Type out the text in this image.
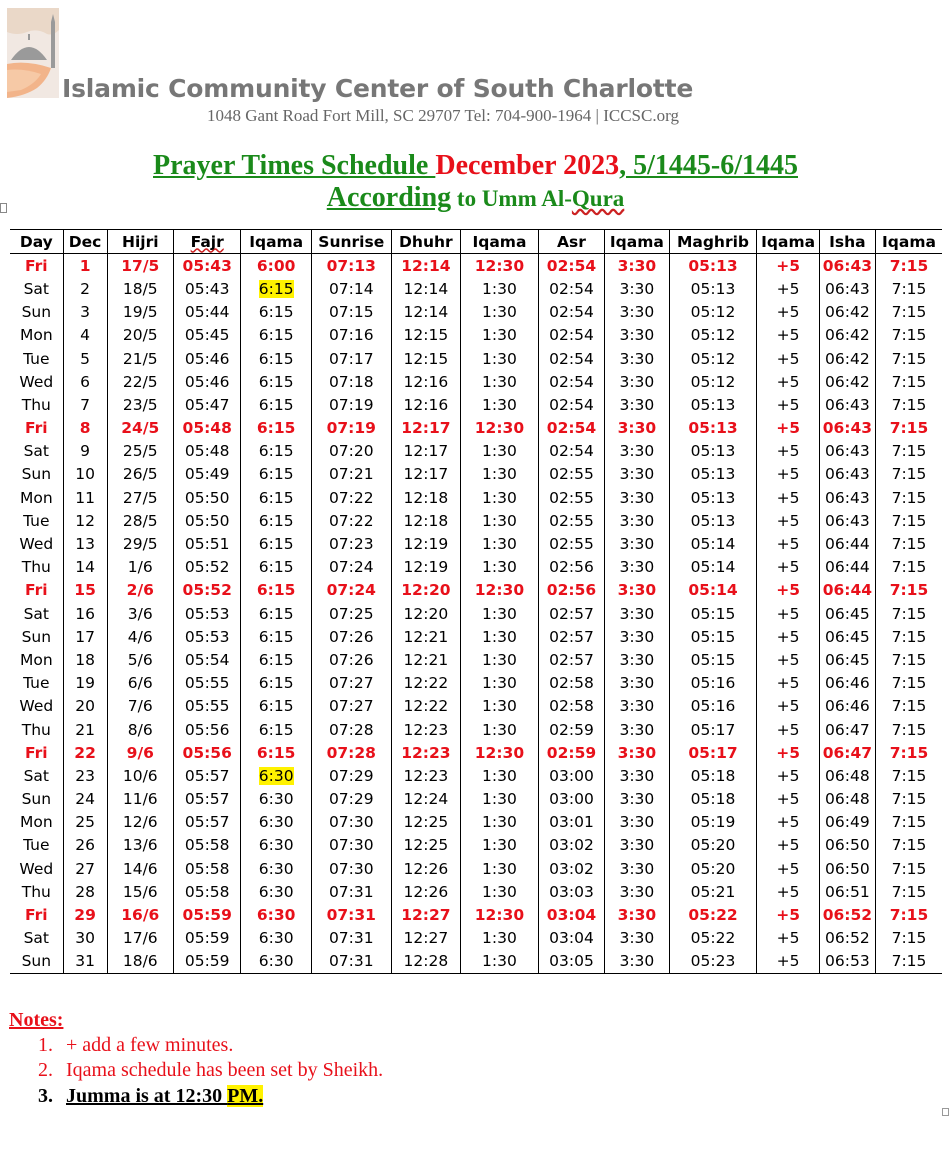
Islamic Community Center of South Charlotte
1048 Gant Road Fort Mill, SC 29707 Tel: 704-900-1964 | ICCSC.org
Prayer Times Schedule December 2023, 5/1445-6/1445
According to Umm Al-Qura
Day	Dec	Hijri	Fajr	Iqama	Sunrise	Dhuhr	Iqama	Asr	Iqama	Maghrib	Iqama	Isha	Iqama
Fri	1	17/5	05:43	6:00	07:13	12:14	12:30	02:54	3:30	05:13	+5	06:43	7:15
Sat	2	18/5	05:43	6:15	07:14	12:14	1:30	02:54	3:30	05:13	+5	06:43	7:15
Sun	3	19/5	05:44	6:15	07:15	12:14	1:30	02:54	3:30	05:12	+5	06:42	7:15
Mon	4	20/5	05:45	6:15	07:16	12:15	1:30	02:54	3:30	05:12	+5	06:42	7:15
Tue	5	21/5	05:46	6:15	07:17	12:15	1:30	02:54	3:30	05:12	+5	06:42	7:15
Wed	6	22/5	05:46	6:15	07:18	12:16	1:30	02:54	3:30	05:12	+5	06:42	7:15
Thu	7	23/5	05:47	6:15	07:19	12:16	1:30	02:54	3:30	05:13	+5	06:43	7:15
Fri	8	24/5	05:48	6:15	07:19	12:17	12:30	02:54	3:30	05:13	+5	06:43	7:15
Sat	9	25/5	05:48	6:15	07:20	12:17	1:30	02:54	3:30	05:13	+5	06:43	7:15
Sun	10	26/5	05:49	6:15	07:21	12:17	1:30	02:55	3:30	05:13	+5	06:43	7:15
Mon	11	27/5	05:50	6:15	07:22	12:18	1:30	02:55	3:30	05:13	+5	06:43	7:15
Tue	12	28/5	05:50	6:15	07:22	12:18	1:30	02:55	3:30	05:13	+5	06:43	7:15
Wed	13	29/5	05:51	6:15	07:23	12:19	1:30	02:55	3:30	05:14	+5	06:44	7:15
Thu	14	1/6	05:52	6:15	07:24	12:19	1:30	02:56	3:30	05:14	+5	06:44	7:15
Fri	15	2/6	05:52	6:15	07:24	12:20	12:30	02:56	3:30	05:14	+5	06:44	7:15
Sat	16	3/6	05:53	6:15	07:25	12:20	1:30	02:57	3:30	05:15	+5	06:45	7:15
Sun	17	4/6	05:53	6:15	07:26	12:21	1:30	02:57	3:30	05:15	+5	06:45	7:15
Mon	18	5/6	05:54	6:15	07:26	12:21	1:30	02:57	3:30	05:15	+5	06:45	7:15
Tue	19	6/6	05:55	6:15	07:27	12:22	1:30	02:58	3:30	05:16	+5	06:46	7:15
Wed	20	7/6	05:55	6:15	07:27	12:22	1:30	02:58	3:30	05:16	+5	06:46	7:15
Thu	21	8/6	05:56	6:15	07:28	12:23	1:30	02:59	3:30	05:17	+5	06:47	7:15
Fri	22	9/6	05:56	6:15	07:28	12:23	12:30	02:59	3:30	05:17	+5	06:47	7:15
Sat	23	10/6	05:57	6:30	07:29	12:23	1:30	03:00	3:30	05:18	+5	06:48	7:15
Sun	24	11/6	05:57	6:30	07:29	12:24	1:30	03:00	3:30	05:18	+5	06:48	7:15
Mon	25	12/6	05:57	6:30	07:30	12:25	1:30	03:01	3:30	05:19	+5	06:49	7:15
Tue	26	13/6	05:58	6:30	07:30	12:25	1:30	03:02	3:30	05:20	+5	06:50	7:15
Wed	27	14/6	05:58	6:30	07:30	12:26	1:30	03:02	3:30	05:20	+5	06:50	7:15
Thu	28	15/6	05:58	6:30	07:31	12:26	1:30	03:03	3:30	05:21	+5	06:51	7:15
Fri	29	16/6	05:59	6:30	07:31	12:27	12:30	03:04	3:30	05:22	+5	06:52	7:15
Sat	30	17/6	05:59	6:30	07:31	12:27	1:30	03:04	3:30	05:22	+5	06:52	7:15
Sun	31	18/6	05:59	6:30	07:31	12:28	1:30	03:05	3:30	05:23	+5	06:53	7:15
Notes:
1. + add a few minutes.
2. Iqama schedule has been set by Sheikh.
3. Jumma is at 12:30 PM.
